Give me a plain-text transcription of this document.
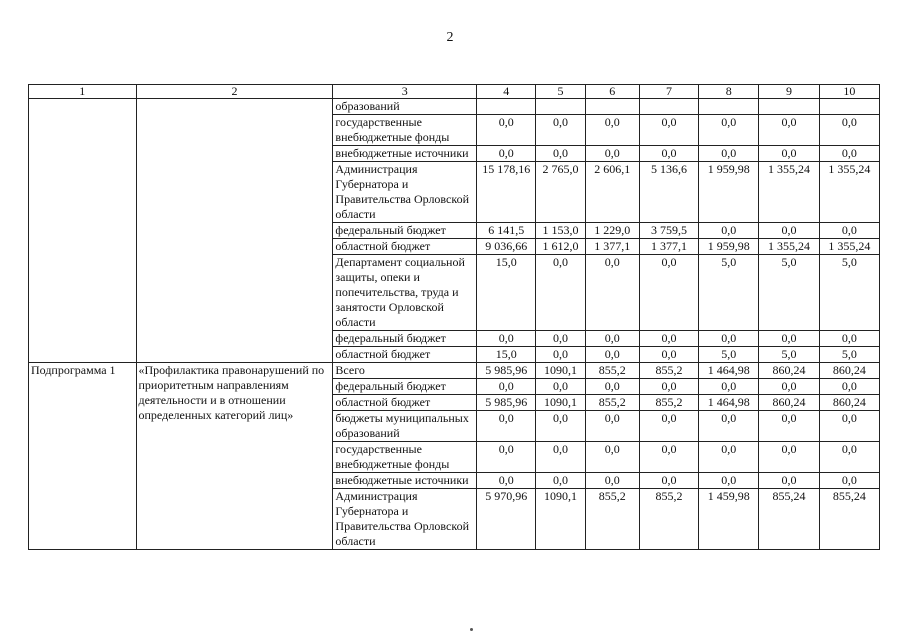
2
1	2	3	4	5	6	7	8	9	10
		образований							
		государственные внебюджетные фонды	0,0	0,0	0,0	0,0	0,0	0,0	0,0
		внебюджетные источники	0,0	0,0	0,0	0,0	0,0	0,0	0,0
		Администрация Губернатора и Правительства Орловской области	15 178,16	2 765,0	2 606,1	5 136,6	1 959,98	1 355,24	1 355,24
		федеральный бюджет	6 141,5	1 153,0	1 229,0	3 759,5	0,0	0,0	0,0
		областной бюджет	9 036,66	1 612,0	1 377,1	1 377,1	1 959,98	1 355,24	1 355,24
		Департамент социальной защиты, опеки и попечительства, труда и занятости Орловской области	15,0	0,0	0,0	0,0	5,0	5,0	5,0
		федеральный бюджет	0,0	0,0	0,0	0,0	0,0	0,0	0,0
		областной бюджет	15,0	0,0	0,0	0,0	5,0	5,0	5,0
Подпрограмма 1	«Профилактика правонарушений по приоритетным направлениям деятельности и в отношении определенных категорий лиц»	Всего	5 985,96	1090,1	855,2	855,2	1 464,98	860,24	860,24
		федеральный бюджет	0,0	0,0	0,0	0,0	0,0	0,0	0,0
		областной бюджет	5 985,96	1090,1	855,2	855,2	1 464,98	860,24	860,24
		бюджеты муниципальных образований	0,0	0,0	0,0	0,0	0,0	0,0	0,0
		государственные внебюджетные фонды	0,0	0,0	0,0	0,0	0,0	0,0	0,0
		внебюджетные источники	0,0	0,0	0,0	0,0	0,0	0,0	0,0
		Администрация Губернатора и Правительства Орловской области	5 970,96	1090,1	855,2	855,2	1 459,98	855,24	855,24
